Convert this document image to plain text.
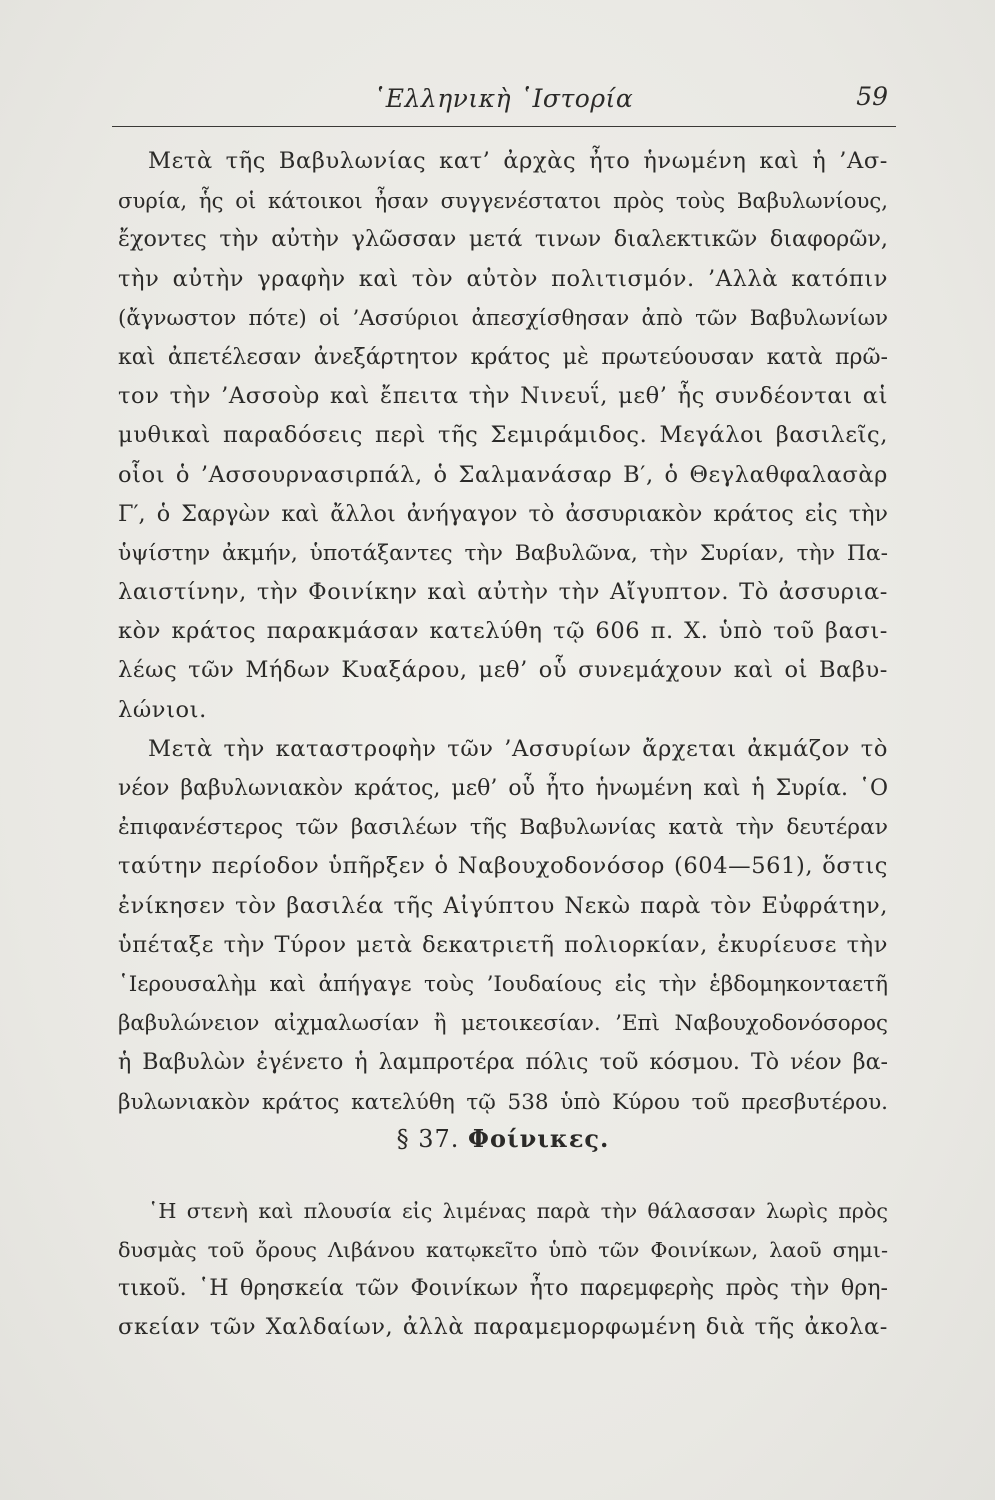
῾Ελληνικὴ ῾Ιστορία	59
Μετὰ τῆς Βαβυλωνίας κατ’ ἀρχὰς ἦτο ἡνωμένη καὶ ἡ ’Ασ-
συρία, ἧς οἱ κάτοικοι ἦσαν συγγενέστατοι πρὸς τοὺς Βαβυλωνίους,
ἔχοντες τὴν αὐτὴν γλῶσσαν μετά τινων διαλεκτικῶν διαφορῶν,
τὴν αὐτὴν γραφὴν καὶ τὸν αὐτὸν πολιτισμόν. ’Αλλὰ κατόπιν
(ἄγνωστον πότε) οἱ ’Ασσύριοι ἀπεσχίσθησαν ἀπὸ τῶν Βαβυλωνίων
καὶ ἀπετέλεσαν ἀνεξάρτητον κράτος μὲ πρωτεύουσαν κατὰ πρῶ-
τον τὴν ’Ασσοὺρ καὶ ἔπειτα τὴν Νινευΐ, μεθ’ ἧς συνδέονται αἱ
μυθικαὶ παραδόσεις περὶ τῆς Σεμιράμιδος. Μεγάλοι βασιλεῖς,
οἷοι ὁ ’Ασσουρνασιρπάλ, ὁ Σαλμανάσαρ Β′, ὁ Θεγλαθφαλασὰρ
Γ′, ὁ Σαργὼν καὶ ἄλλοι ἀνήγαγον τὸ ἀσσυριακὸν κράτος εἰς τὴν
ὑψίστην ἀκμήν, ὑποτάξαντες τὴν Βαβυλῶνα, τὴν Συρίαν, τὴν Πα-
λαιστίνην, τὴν Φοινίκην καὶ αὐτὴν τὴν Αἴγυπτον. Τὸ ἀσσυρια-
κὸν κράτος παρακμάσαν κατελύθη τῷ 606 π. Χ. ὑπὸ τοῦ βασι-
λέως τῶν Μήδων Κυαξάρου, μεθ’ οὗ συνεμάχουν καὶ οἱ Βαβυ-
λώνιοι.
Μετὰ τὴν καταστροφὴν τῶν ’Ασσυρίων ἄρχεται ἀκμάζον τὸ
νέον βαβυλωνιακὸν κράτος, μεθ’ οὗ ἦτο ἡνωμένη καὶ ἡ Συρία. ῾Ο
ἐπιφανέστερος τῶν βασιλέων τῆς Βαβυλωνίας κατὰ τὴν δευτέραν
ταύτην περίοδον ὑπῆρξεν ὁ Ναβουχοδονόσορ (604—561), ὅστις
ἐνίκησεν τὸν βασιλέα τῆς Αἰγύπτου Νεκὼ παρὰ τὸν Εὐφράτην,
ὑπέταξε τὴν Τύρον μετὰ δεκατριετῆ πολιορκίαν, ἐκυρίευσε τὴν
῾Ιερουσαλὴμ καὶ ἀπήγαγε τοὺς ’Ιουδαίους εἰς τὴν ἑβδομηκονταετῆ
βαβυλώνειον αἰχμαλωσίαν ἢ μετοικεσίαν. ’Επὶ Ναβουχοδονόσορος
ἡ Βαβυλὼν ἐγένετο ἡ λαμπροτέρα πόλις τοῦ κόσμου. Τὸ νέον βα-
βυλωνιακὸν κράτος κατελύθη τῷ 538 ὑπὸ Κύρου τοῦ πρεσβυτέρου.
§ 37. Φοίνικες.
῾Η στενὴ καὶ πλουσία εἰς λιμένας παρὰ τὴν θάλασσαν λωρὶς πρὸς
δυσμὰς τοῦ ὄρους Λιβάνου κατῳκεῖτο ὑπὸ τῶν Φοινίκων, λαοῦ σημι-
τικοῦ. ῾Η θρησκεία τῶν Φοινίκων ἦτο παρεμφερὴς πρὸς τὴν θρη-
σκείαν τῶν Χαλδαίων, ἀλλὰ παραμεμορφωμένη διὰ τῆς ἀκολα-
